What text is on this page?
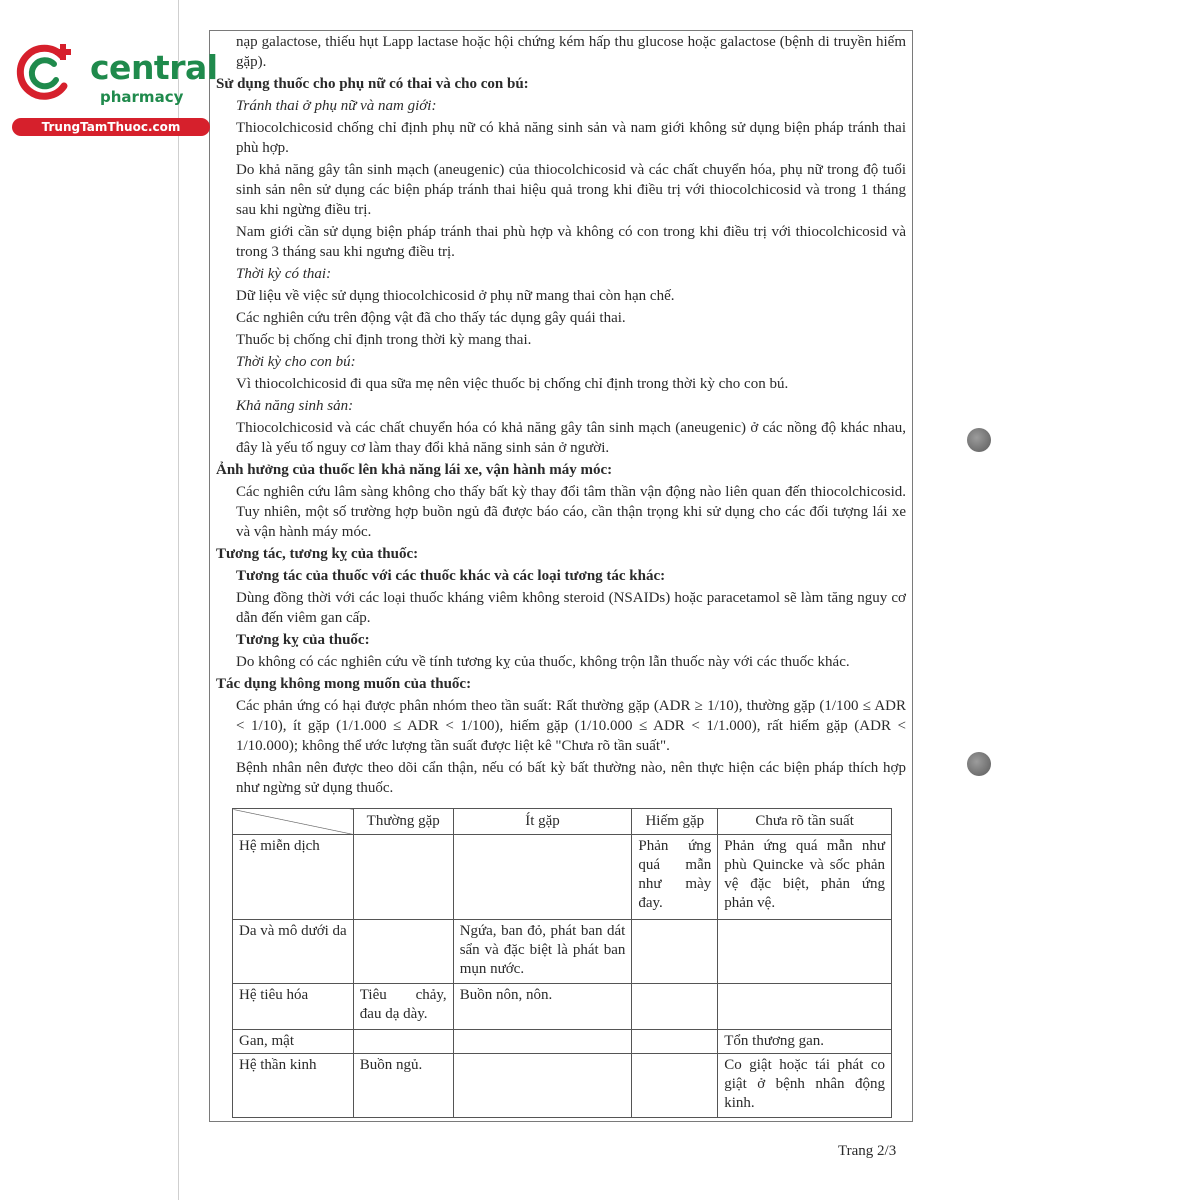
central
pharmacy
TrungTamThuoc.com

nạp galactose, thiếu hụt Lapp lactase hoặc hội chứng kém hấp thu glucose hoặc galactose (bệnh di truyền hiếm gặp).

Sử dụng thuốc cho phụ nữ có thai và cho con bú:

Tránh thai ở phụ nữ và nam giới:

Thiocolchicosid chống chỉ định phụ nữ có khả năng sinh sản và nam giới không sử dụng biện pháp tránh thai phù hợp.

Do khả năng gây tân sinh mạch (aneugenic) của thiocolchicosid và các chất chuyển hóa, phụ nữ trong độ tuổi sinh sản nên sử dụng các biện pháp tránh thai hiệu quả trong khi điều trị với thiocolchicosid và trong 1 tháng sau khi ngừng điều trị.

Nam giới cần sử dụng biện pháp tránh thai phù hợp và không có con trong khi điều trị với thiocolchicosid và trong 3 tháng sau khi ngưng điều trị.

Thời kỳ có thai:

Dữ liệu về việc sử dụng thiocolchicosid ở phụ nữ mang thai còn hạn chế.

Các nghiên cứu trên động vật đã cho thấy tác dụng gây quái thai.

Thuốc bị chống chỉ định trong thời kỳ mang thai.

Thời kỳ cho con bú:

Vì thiocolchicosid đi qua sữa mẹ nên việc thuốc bị chống chỉ định trong thời kỳ cho con bú.

Khả năng sinh sản:

Thiocolchicosid và các chất chuyển hóa có khả năng gây tân sinh mạch (aneugenic) ở các nồng độ khác nhau, đây là yếu tố nguy cơ làm thay đổi khả năng sinh sản ở người.

Ảnh hưởng của thuốc lên khả năng lái xe, vận hành máy móc:

Các nghiên cứu lâm sàng không cho thấy bất kỳ thay đổi tâm thần vận động nào liên quan đến thiocolchicosid. Tuy nhiên, một số trường hợp buồn ngủ đã được báo cáo, cần thận trọng khi sử dụng cho các đối tượng lái xe và vận hành máy móc.

Tương tác, tương kỵ của thuốc:

Tương tác của thuốc với các thuốc khác và các loại tương tác khác:

Dùng đồng thời với các loại thuốc kháng viêm không steroid (NSAIDs) hoặc paracetamol sẽ làm tăng nguy cơ dẫn đến viêm gan cấp.

Tương kỵ của thuốc:

Do không có các nghiên cứu về tính tương kỵ của thuốc, không trộn lẫn thuốc này với các thuốc khác.

Tác dụng không mong muốn của thuốc:

Các phản ứng có hại được phân nhóm theo tần suất: Rất thường gặp (ADR ≥ 1/10), thường gặp (1/100 ≤ ADR < 1/10), ít gặp (1/1.000 ≤ ADR < 1/100), hiếm gặp (1/10.000 ≤ ADR < 1/1.000), rất hiếm gặp (ADR < 1/10.000); không thể ước lượng tần suất được liệt kê "Chưa rõ tần suất".

Bệnh nhân nên được theo dõi cẩn thận, nếu có bất kỳ bất thường nào, nên thực hiện các biện pháp thích hợp như ngừng sử dụng thuốc.

	Thường gặp	Ít gặp	Hiếm gặp	Chưa rõ tần suất
Hệ miễn dịch			Phản ứng quá mẫn như mày đay.	Phản ứng quá mẫn như phù Quincke và sốc phản vệ đặc biệt, phản ứng phản vệ.
Da và mô dưới da		Ngứa, ban đỏ, phát ban dát sẩn và đặc biệt là phát ban mụn nước.		
Hệ tiêu hóa	Tiêu chảy, đau dạ dày.	Buồn nôn, nôn.		
Gan, mật				Tổn thương gan.
Hệ thần kinh	Buồn ngủ.			Co giật hoặc tái phát co giật ở bệnh nhân động kinh.
Trang 2/3
